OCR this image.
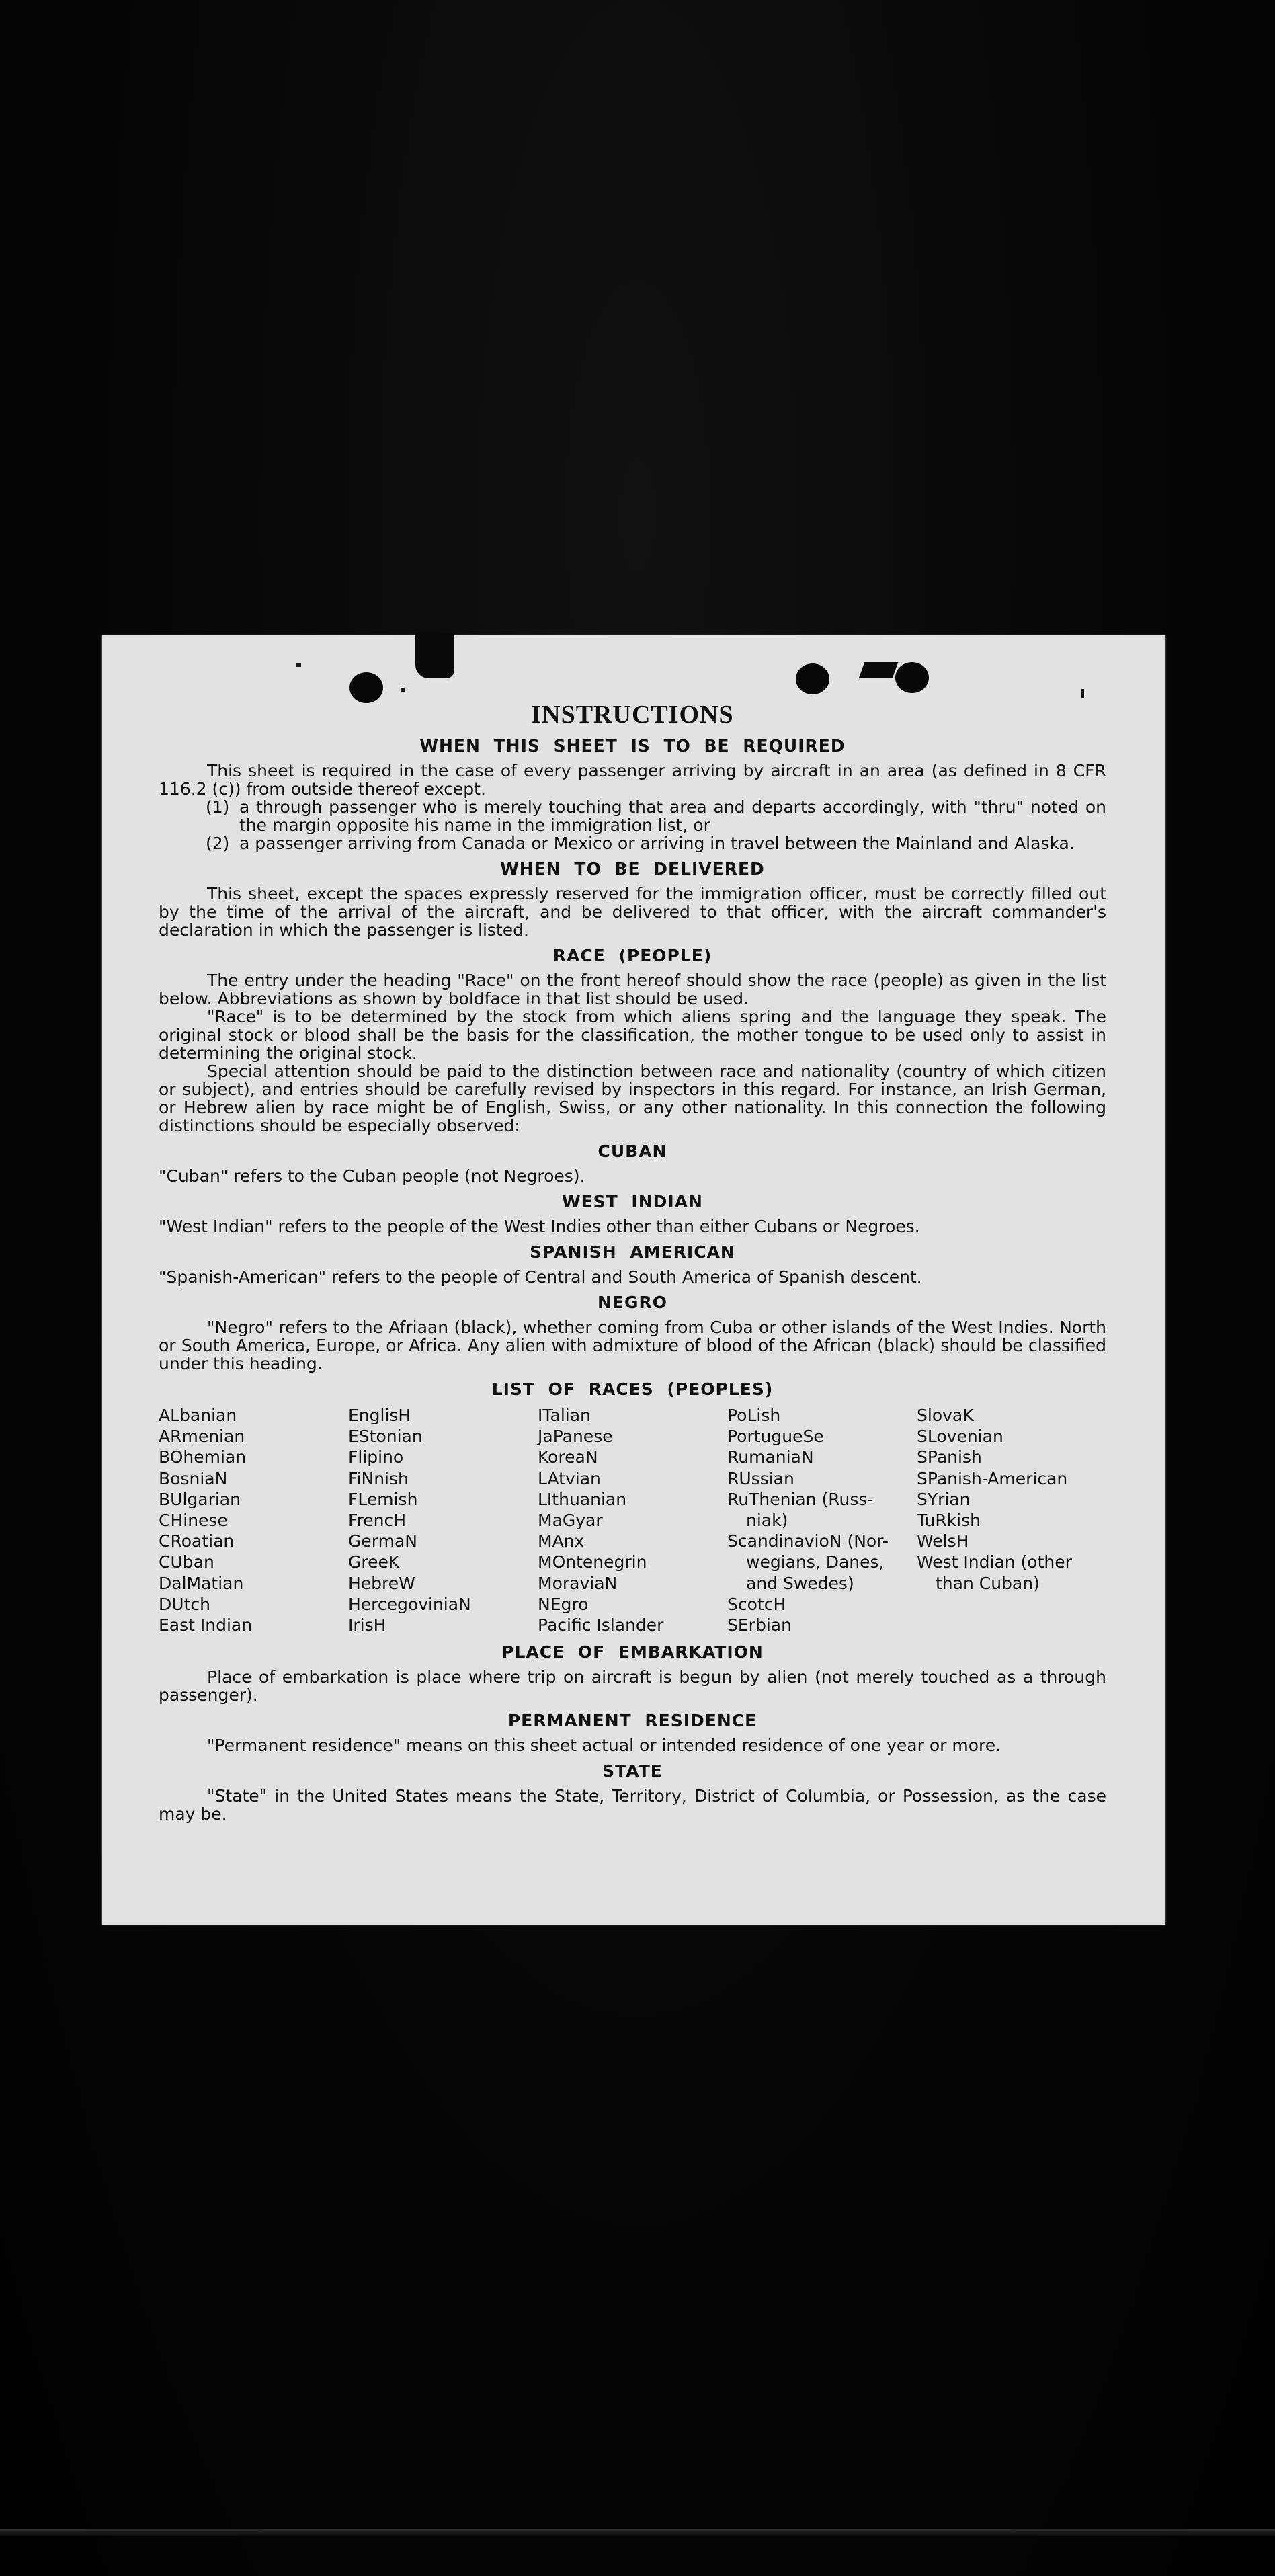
INSTRUCTIONS
WHEN THIS SHEET IS TO BE REQUIRED

This sheet is required in the case of every passenger arriving by aircraft in an area (as defined in 8 CFR 116.2 (c)) from outside thereof except.

(1) a through passenger who is merely touching that area and departs accordingly, with "thru" noted on the margin opposite his name in the immigration list, or
(2) a passenger arriving from Canada or Mexico or arriving in travel between the Mainland and Alaska.
WHEN TO BE DELIVERED

This sheet, except the spaces expressly reserved for the immigration officer, must be correctly filled out by the time of the arrival of the aircraft, and be delivered to that officer, with the aircraft commander's declaration in which the passenger is listed.

RACE (PEOPLE)

The entry under the heading "Race" on the front hereof should show the race (people) as given in the list below. Abbreviations as shown by boldface in that list should be used.

"Race" is to be determined by the stock from which aliens spring and the language they speak. The original stock or blood shall be the basis for the classification, the mother tongue to be used only to assist in determining the original stock.

Special attention should be paid to the distinction between race and nationality (country of which citizen or subject), and entries should be carefully revised by inspectors in this regard. For instance, an Irish German, or Hebrew alien by race might be of English, Swiss, or any other nationality. In this connection the following distinctions should be especially observed:

CUBAN

"Cuban" refers to the Cuban people (not Negroes).

WEST INDIAN

"West Indian" refers to the people of the West Indies other than either Cubans or Negroes.

SPANISH AMERICAN

"Spanish-American" refers to the people of Central and South America of Spanish descent.

NEGRO

"Negro" refers to the Afriaan (black), whether coming from Cuba or other islands of the West Indies. North or South America, Europe, or Africa. Any alien with admixture of blood of the African (black) should be classified under this heading.

LIST OF RACES (PEOPLES)
ALbanian
ARmenian
BOhemian
BosniaN
BUlgarian
CHinese
CRoatian
CUban
DalMatian
DUtch
East Indian
EnglisH
EStonian
Flipino
FiNnish
FLemish
FrencH
GermaN
GreeK
HebreW
HercegoviniaN
IrisH
ITalian
JaPanese
KoreaN
LAtvian
LIthuanian
MaGyar
MAnx
MOntenegrin
MoraviaN
NEgro
Pacific Islander
PoLish
PortugueSe
RumaniaN
RUssian
RuThenian (Russ-
niak)
ScandinavioN (Nor-
wegians, Danes,
and Swedes)
ScotcH
SErbian
SlovaK
SLovenian
SPanish
SPanish-American
SYrian
TuRkish
WelsH
West Indian (other
than Cuban)
PLACE OF EMBARKATION

Place of embarkation is place where trip on aircraft is begun by alien (not merely touched as a through passenger).

PERMANENT RESIDENCE

"Permanent residence" means on this sheet actual or intended residence of one year or more.

STATE

"State" in the United States means the State, Territory, District of Columbia, or Possession, as the case may be.
